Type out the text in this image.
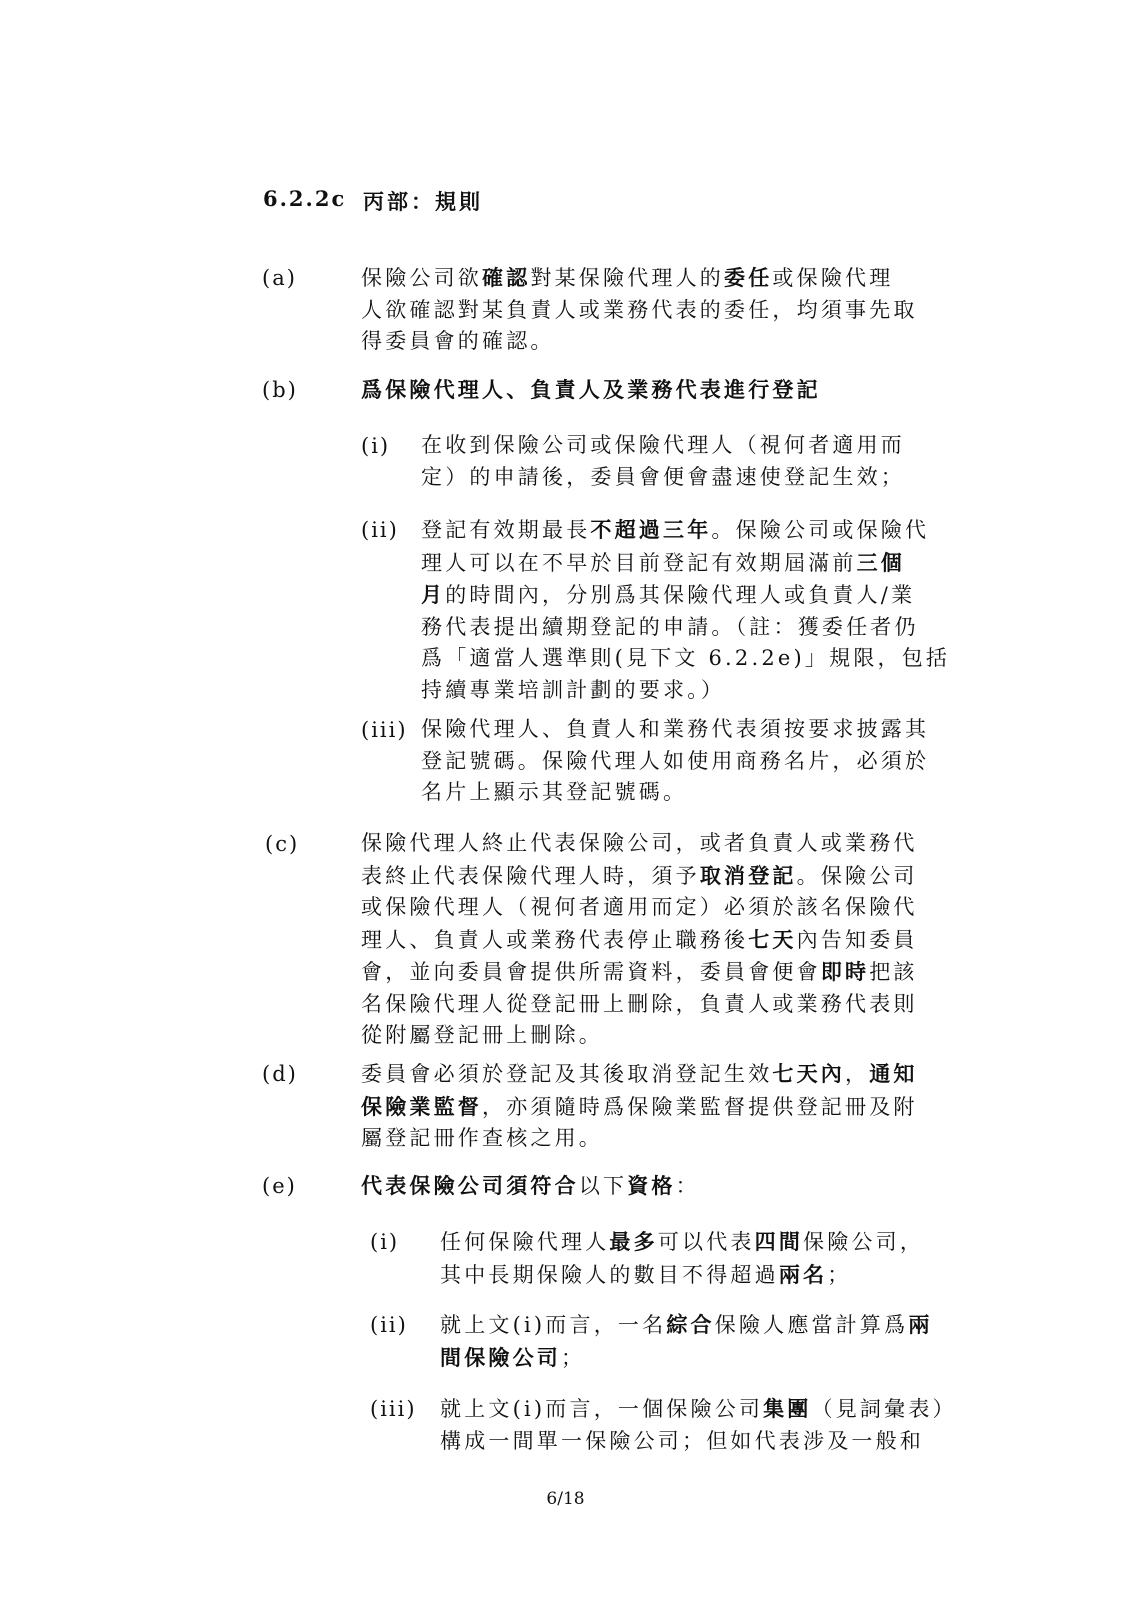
6.2.2c 丙部：規則
(a)	保險公司欲確認對某保險代理人的委任或保險代理
人欲確認對某負責人或業務代表的委任，均須事先取
得委員會的確認。
(b)	爲保險代理人、負責人及業務代表進行登記
(i) 在收到保險公司或保險代理人（視何者適用而
定）的申請後，委員會便會盡速使登記生效；
(ii) 登記有效期最長不超過三年。保險公司或保險代
理人可以在不早於目前登記有效期屆滿前三個
月的時間內，分別爲其保險代理人或負責人/業
務代表提出續期登記的申請。（註：獲委任者仍
爲「適當人選準則(見下文 6.2.2e)」規限，包括
持續專業培訓計劃的要求。）
(iii) 保險代理人、負責人和業務代表須按要求披露其
登記號碼。保險代理人如使用商務名片，必須於
名片上顯示其登記號碼。
(c)	保險代理人終止代表保險公司，或者負責人或業務代
表終止代表保險代理人時，須予取消登記。保險公司
或保險代理人（視何者適用而定）必須於該名保險代
理人、負責人或業務代表停止職務後七天內告知委員
會，並向委員會提供所需資料，委員會便會即時把該
名保險代理人從登記冊上刪除，負責人或業務代表則
從附屬登記冊上刪除。
(d)	委員會必須於登記及其後取消登記生效七天內，通知
保險業監督，亦須隨時爲保險業監督提供登記冊及附
屬登記冊作查核之用。
(e)	代表保險公司須符合以下資格：
(i) 任何保險代理人最多可以代表四間保險公司，
其中長期保險人的數目不得超過兩名；
(ii) 就上文(i)而言，一名綜合保險人應當計算爲兩
間保險公司；
(iii) 就上文(i)而言，一個保險公司集團（見詞彙表）
構成一間單一保險公司；但如代表涉及一般和
6/18
